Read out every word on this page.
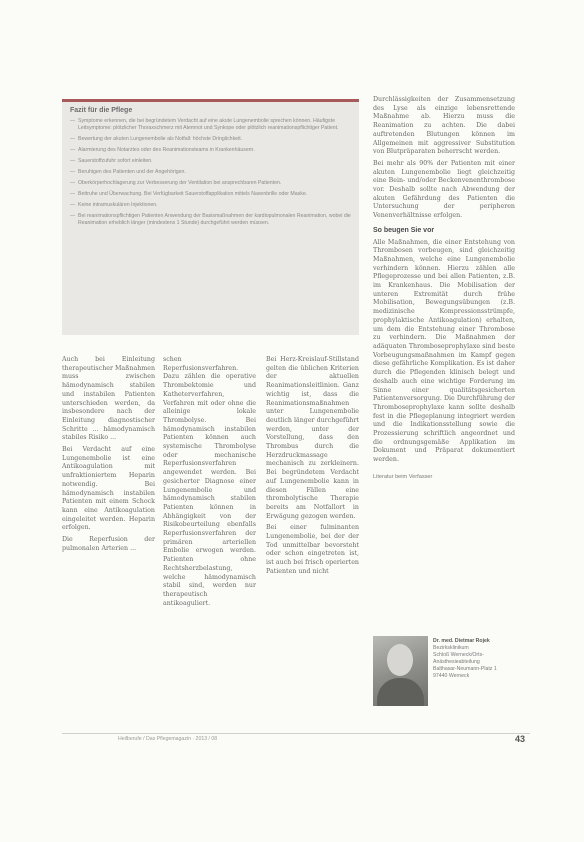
Fazit für die Pflege
— Symptome erkennen, die bei begründetem Verdacht auf eine akute Lungenembolie sprechen können. Häufigste Leitsymptome: plötzlicher Thoraxschmerz mit Atemnot und Synkope oder plötzlich reanimationspflichtiger Patient.
— Bewertung der akuten Lungenembolie als Notfall: höchste Dringlichkeit.
— Alarmierung des Notarztes oder des Reanimationsteams in Krankenhäusern.
— Sauerstoffzufuhr sofort einleiten.
— Beruhigen des Patienten und der Angehörigen.
— Oberkörperhochlagerung zur Verbesserung der Ventilation bei ansprechbaren Patienten.
— Bettruhe und Überwachung. Bei Verfügbarkeit Sauerstoffapplikation mittels Nasenbrille oder Maske.
— Keine intramuskulären Injektionen.
— Bei reanimationspflichtigen Patienten Anwendung der Basismaßnahmen der kardiopulmonalen Reanimation, wobei die Reanimation erheblich länger (mindestens 1 Stunde) durchgeführt werden müssen.

Auch bei Einleitung therapeutischer Maßnahmen muss zwischen hämodynamisch stabilen und instabilen Patienten unterschieden werden, da insbesondere nach der Einleitung diagnostischer Schritte ... hämodynamisch stabiles Risiko ...

Bei Verdacht auf eine Lungenembolie ist eine Antikoagulation mit unfraktioniertem Heparin notwendig. Bei hämodynamisch instabilen Patienten mit einem Schock kann eine Antikoagulation eingeleitet werden. Heparin erfolgen.

Die Reperfusion der pulmonalen Arterien ...

schen Reperfusionsverfahren. Dazu zählen die operative Thrombektomie und Katheterverfahren, Verfahren mit oder ohne die alleinige lokale Thrombolyse. Bei hämodynamisch instabilen Patienten können auch systemische Thrombolyse oder mechanische Reperfusionsverfahren angewendet werden. Bei gesicherter Diagnose einer Lungenembolie und hämodynamisch stabilen Patienten können in Abhängigkeit von der Risikobeurteilung ebenfalls Reperfusionsverfahren der primären arteriellen Embolie erwogen werden. Patienten ohne Rechtsherzbelastung, welche hämodynamisch stabil sind, werden nur therapeutisch antikoaguliert.

Bei Herz-Kreislauf-Stillstand gelten die üblichen Kriterien der aktuellen Reanimationsleitlinien. Ganz wichtig ist, dass die Reanimationsmaßnahmen unter Lungenembolie deutlich länger durchgeführt werden, unter der Vorstellung, dass den Thrombus durch die Herzdruckmassage mechanisch zu zerkleinern. Bei begründetem Verdacht auf Lungenembolie kann in diesen Fällen eine thrombolytische Therapie bereits am Notfallort in Erwägung gezogen werden.

Bei einer fulminanten Lungenembolie, bei der der Tod unmittelbar bevorsteht oder schon eingetreten ist, ist auch bei frisch operierten Patienten und nicht

Durchlässigkeiten der Zusammensetzung des Lyse als einzige lebensrettende Maßnahme ab. Hierzu muss die Reanimation zu achten. Die dabei auftretenden Blutungen können im Allgemeinen mit aggressiver Substitution von Blutpräparaten beherrscht werden.

Bei mehr als 90% der Patienten mit einer akuten Lungenembolie liegt gleichzeitig eine Bein- und/oder Beckenvenenthrombose vor. Deshalb sollte nach Abwendung der akuten Gefährdung des Patienten die Untersuchung der peripheren Venenverhältnisse erfolgen.

So beugen Sie vor

Alle Maßnahmen, die einer Entstehung von Thrombosen vorbeugen, sind gleichzeitig Maßnahmen, welche eine Lungenembolie verhindern können. Hierzu zählen alle Pflegeprozesse und bei allen Patienten, z.B. im Krankenhaus. Die Mobilisation der unteren Extremität durch frühe Mobilisation, Bewegungsübungen (z.B. medizinische Kompressionsstrümpfe, prophylaktische Antikoagulation) erhalten, um dem die Entstehung einer Thrombose zu verhindern. Die Maßnahmen der adäquaten Thromboseprophylaxe sind beste Vorbeugungsmaßnahmen im Kampf gegen diese gefährliche Komplikation. Es ist daher durch die Pflegenden klinisch belegt und deshalb auch eine wichtige Forderung im Sinne einer qualitätsgesicherten Patientenversorgung. Die Durchführung der Thromboseprophylaxe kann sollte deshalb fest in die Pflegeplanung integriert werden und die Indikationsstellung sowie die Prozessierung schriftlich angeordnet und die ordnungsgemäße Applikation im Dokument und Präparat dokumentiert werden.

Literatur beim Verfasser
Dr. med. Dietmar Rojek
Bezirksklinikum
Schloß Werneck/Orts-
Anästhesieabteilung
Balthasar-Neumann-Platz 1
97440 Werneck
Heilberufe / Das Pflegemagazin · 2013 / 08	43
